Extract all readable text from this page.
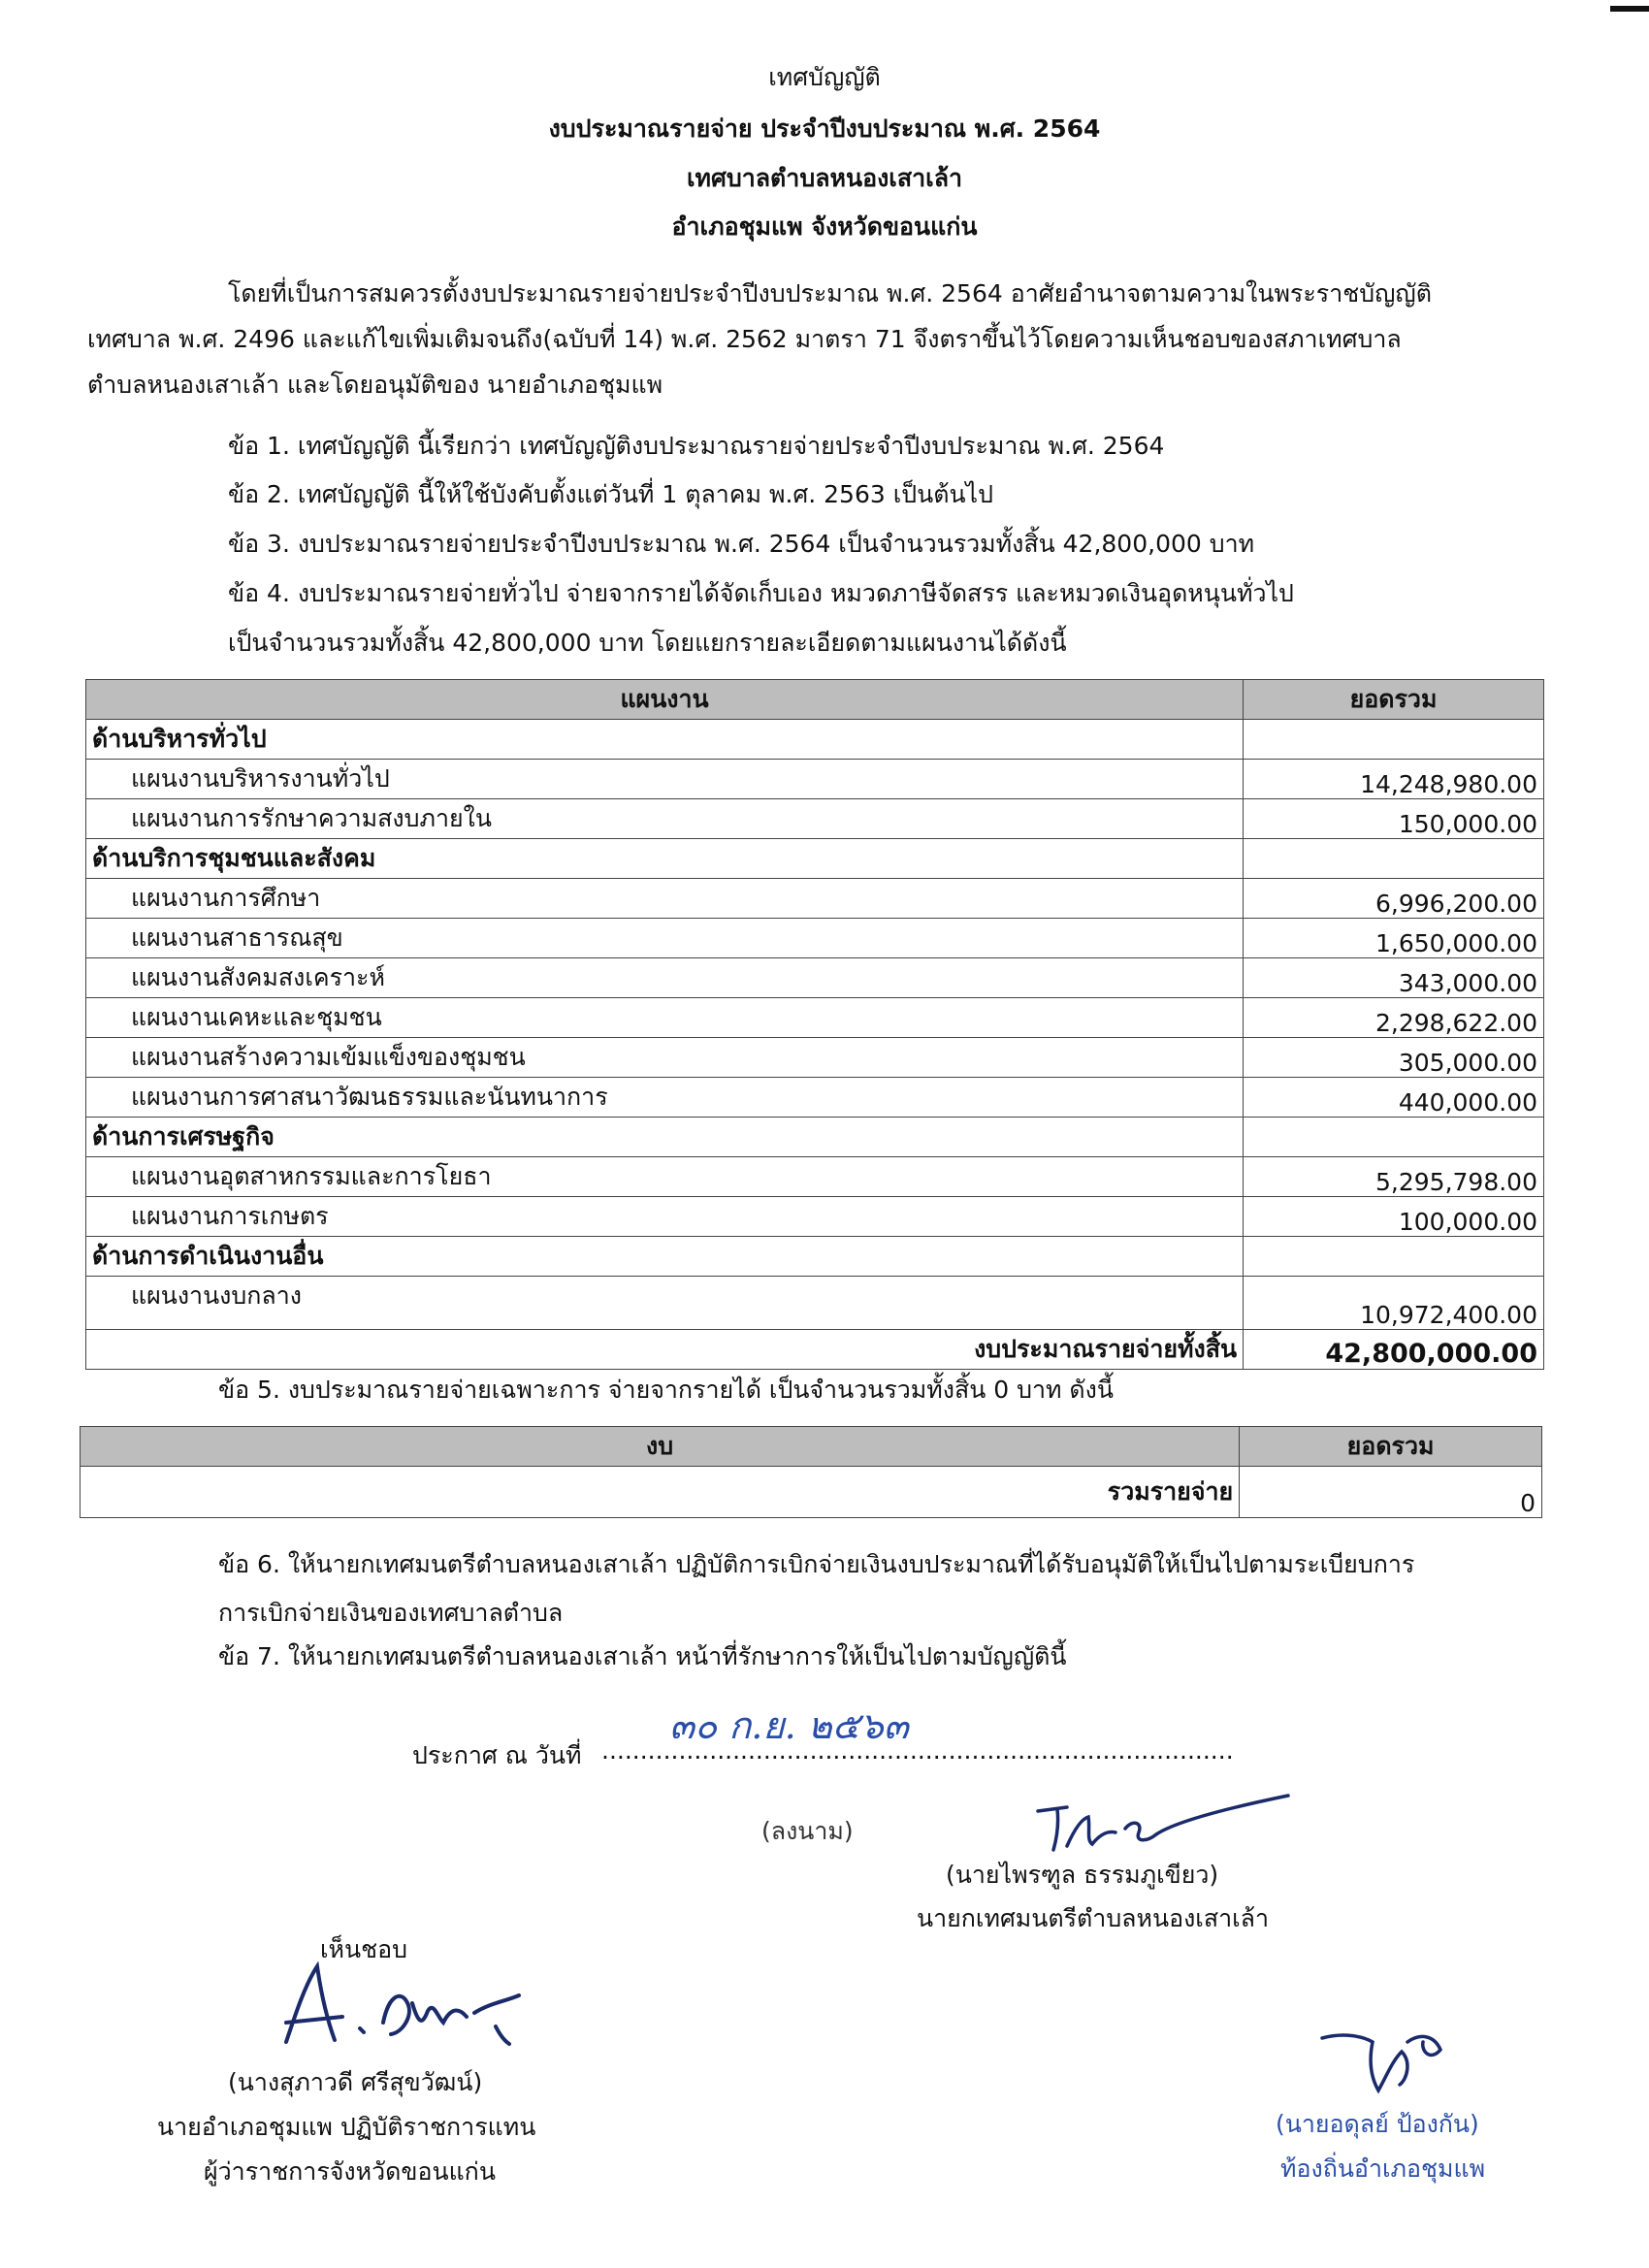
เทศบัญญัติ
งบประมาณรายจ่าย ประจำปีงบประมาณ พ.ศ. 2564
เทศบาลตำบลหนองเสาเล้า
อำเภอชุมแพ จังหวัดขอนแก่น
โดยที่เป็นการสมควรตั้งงบประมาณรายจ่ายประจำปีงบประมาณ พ.ศ. 2564 อาศัยอำนาจตามความในพระราชบัญญัติ
เทศบาล พ.ศ. 2496 และแก้ไขเพิ่มเติมจนถึง(ฉบับที่ 14) พ.ศ. 2562 มาตรา 71 จึงตราขึ้นไว้โดยความเห็นชอบของสภาเทศบาล
ตำบลหนองเสาเล้า และโดยอนุมัติของ นายอำเภอชุมแพ
ข้อ 1. เทศบัญญัติ นี้เรียกว่า เทศบัญญัติงบประมาณรายจ่ายประจำปีงบประมาณ พ.ศ. 2564
ข้อ 2. เทศบัญญัติ นี้ให้ใช้บังคับตั้งแต่วันที่ 1 ตุลาคม พ.ศ. 2563 เป็นต้นไป
ข้อ 3. งบประมาณรายจ่ายประจำปีงบประมาณ พ.ศ. 2564 เป็นจำนวนรวมทั้งสิ้น 42,800,000 บาท
ข้อ 4. งบประมาณรายจ่ายทั่วไป จ่ายจากรายได้จัดเก็บเอง หมวดภาษีจัดสรร และหมวดเงินอุดหนุนทั่วไป
เป็นจำนวนรวมทั้งสิ้น 42,800,000 บาท โดยแยกรายละเอียดตามแผนงานได้ดังนี้
แผนงาน	ยอดรวม
ด้านบริหารทั่วไป	
แผนงานบริหารงานทั่วไป	14,248,980.00
แผนงานการรักษาความสงบภายใน	150,000.00
ด้านบริการชุมชนและสังคม	
แผนงานการศึกษา	6,996,200.00
แผนงานสาธารณสุข	1,650,000.00
แผนงานสังคมสงเคราะห์	343,000.00
แผนงานเคหะและชุมชน	2,298,622.00
แผนงานสร้างความเข้มแข็งของชุมชน	305,000.00
แผนงานการศาสนาวัฒนธรรมและนันทนาการ	440,000.00
ด้านการเศรษฐกิจ	
แผนงานอุตสาหกรรมและการโยธา	5,295,798.00
แผนงานการเกษตร	100,000.00
ด้านการดำเนินงานอื่น	
แผนงานงบกลาง	10,972,400.00
งบประมาณรายจ่ายทั้งสิ้น	42,800,000.00
ข้อ 5. งบประมาณรายจ่ายเฉพาะการ จ่ายจากรายได้ เป็นจำนวนรวมทั้งสิ้น 0 บาท ดังนี้
งบ	ยอดรวม
รวมรายจ่าย	0
ข้อ 6. ให้นายกเทศมนตรีตำบลหนองเสาเล้า ปฏิบัติการเบิกจ่ายเงินงบประมาณที่ได้รับอนุมัติให้เป็นไปตามระเบียบการ
การเบิกจ่ายเงินของเทศบาลตำบล
ข้อ 7. ให้นายกเทศมนตรีตำบลหนองเสาเล้า หน้าที่รักษาการให้เป็นไปตามบัญญัตินี้
ประกาศ ณ วันที่ ..................................................................................
๓๐ ก.ย. ๒๕๖๓
(ลงนาม)
(นายไพรฑูล ธรรมภูเขียว)
นายกเทศมนตรีตำบลหนองเสาเล้า
เห็นชอบ
(นางสุภาวดี ศรีสุขวัฒน์)
นายอำเภอชุมแพ ปฏิบัติราชการแทน
ผู้ว่าราชการจังหวัดขอนแก่น
(นายอดุลย์ ป้องกัน)
ท้องถิ่นอำเภอชุมแพ
